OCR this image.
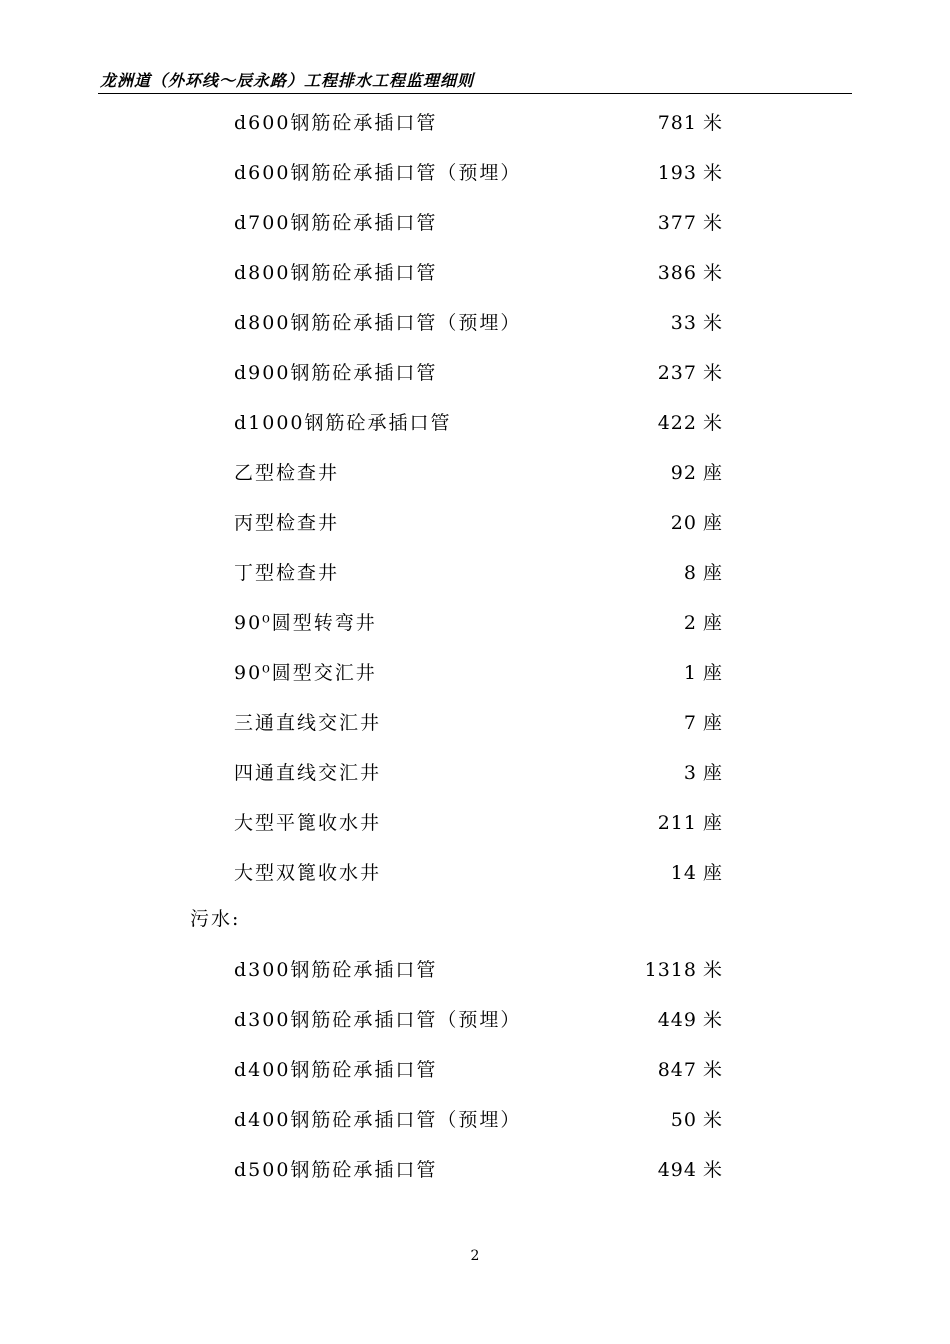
龙洲道（外环线～辰永路）工程排水工程监理细则
d600钢筋砼承插口管	781 米
d600钢筋砼承插口管（预埋）	193 米
d700钢筋砼承插口管	377 米
d800钢筋砼承插口管	386 米
d800钢筋砼承插口管（预埋）	33 米
d900钢筋砼承插口管	237 米
d1000钢筋砼承插口管	422 米
乙型检查井	92 座
丙型检查井	20 座
丁型检查井	8 座
90⁰圆型转弯井	2 座
90⁰圆型交汇井	1 座
三通直线交汇井	7 座
四通直线交汇井	3 座
大型平篦收水井	211 座
大型双篦收水井	14 座
污水:
d300钢筋砼承插口管	1318 米
d300钢筋砼承插口管（预埋）	449 米
d400钢筋砼承插口管	847 米
d400钢筋砼承插口管（预埋）	50 米
d500钢筋砼承插口管	494 米
2
